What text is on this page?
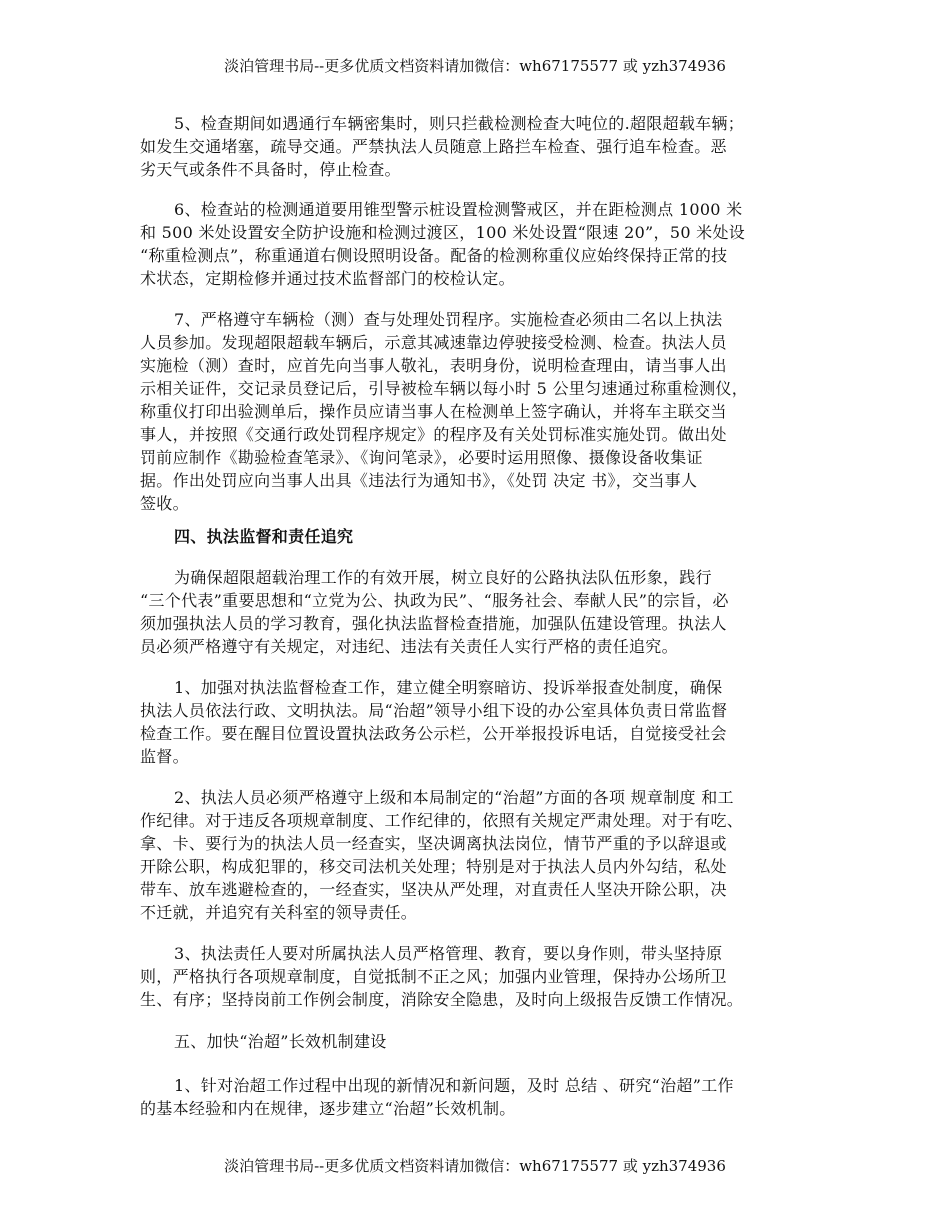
淡泊管理书局--更多优质文档资料请加微信：wh67175577 或 yzh374936
5、检查期间如遇通行车辆密集时，则只拦截检测检查大吨位的.超限超载车辆；
如发生交通堵塞，疏导交通。严禁执法人员随意上路拦车检查、强行追车检查。恶
劣天气或条件不具备时，停止检查。
6、检查站的检测通道要用锥型警示桩设置检测警戒区，并在距检测点 1000 米
和 500 米处设置安全防护设施和检测过渡区，100 米处设置“限速 20”，50 米处设
“称重检测点”，称重通道右侧设照明设备。配备的检测称重仪应始终保持正常的技
术状态，定期检修并通过技术监督部门的校检认定。
7、严格遵守车辆检（测）查与处理处罚程序。实施检查必须由二名以上执法
人员参加。发现超限超载车辆后，示意其减速靠边停驶接受检测、检查。执法人员
实施检（测）查时，应首先向当事人敬礼，表明身份，说明检查理由，请当事人出
示相关证件，交记录员登记后，引导被检车辆以每小时 5 公里匀速通过称重检测仪，
称重仪打印出验测单后，操作员应请当事人在检测单上签字确认，并将车主联交当
事人，并按照《交通行政处罚程序规定》的程序及有关处罚标准实施处罚。做出处
罚前应制作《勘验检查笔录》、《询问笔录》，必要时运用照像、摄像设备收集证
据。作出处罚应向当事人出具《违法行为通知书》，《处罚 决定 书》，交当事人
签收。
四、执法监督和责任追究
为确保超限超载治理工作的有效开展，树立良好的公路执法队伍形象，践行
“三个代表”重要思想和“立党为公、执政为民”、“服务社会、奉献人民”的宗旨，必
须加强执法人员的学习教育，强化执法监督检查措施，加强队伍建设管理。执法人
员必须严格遵守有关规定，对违纪、违法有关责任人实行严格的责任追究。
1、加强对执法监督检查工作，建立健全明察暗访、投诉举报查处制度，确保
执法人员依法行政、文明执法。局“治超”领导小组下设的办公室具体负责日常监督
检查工作。要在醒目位置设置执法政务公示栏，公开举报投诉电话，自觉接受社会
监督。
2、执法人员必须严格遵守上级和本局制定的“治超”方面的各项 规章制度 和工
作纪律。对于违反各项规章制度、工作纪律的，依照有关规定严肃处理。对于有吃、
拿、卡、要行为的执法人员一经查实，坚决调离执法岗位，情节严重的予以辞退或
开除公职，构成犯罪的，移交司法机关处理；特别是对于执法人员内外勾结，私处
带车、放车逃避检查的，一经查实，坚决从严处理，对直责任人坚决开除公职，决
不迁就，并追究有关科室的领导责任。
3、执法责任人要对所属执法人员严格管理、教育，要以身作则，带头坚持原
则，严格执行各项规章制度，自觉抵制不正之风；加强内业管理，保持办公场所卫
生、有序；坚持岗前工作例会制度，消除安全隐患，及时向上级报告反馈工作情况。
五、加快“治超”长效机制建设
1、针对治超工作过程中出现的新情况和新问题，及时 总结 、研究“治超”工作
的基本经验和内在规律，逐步建立“治超”长效机制。
淡泊管理书局--更多优质文档资料请加微信：wh67175577 或 yzh374936
